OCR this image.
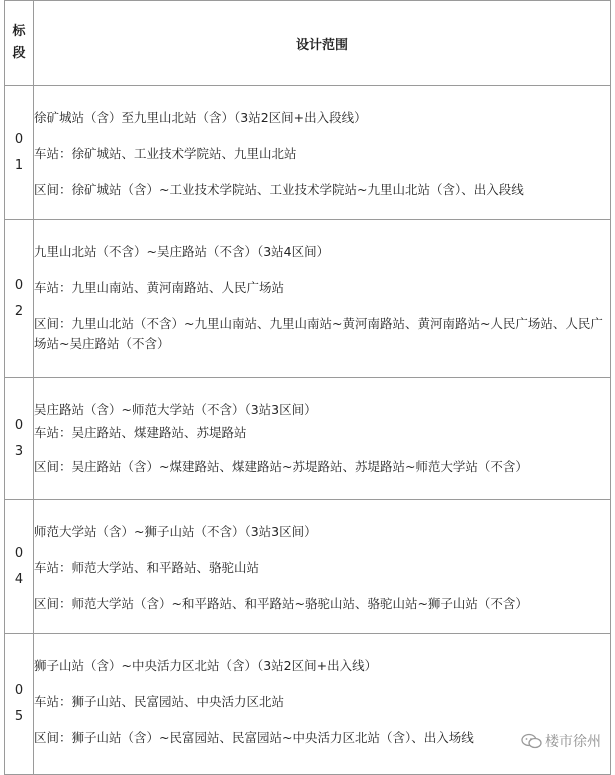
标
段	设计范围

0
1	徐矿城站（含）至九里山北站（含）（3站2区间+出入段线）
车站：徐矿城站、工业技术学院站、九里山北站
区间：徐矿城站（含）~工业技术学院站、工业技术学院站~九里山北站（含）、出入段线

0
2	九里山北站（不含）~吴庄路站（不含）（3站4区间）
车站：九里山南站、黄河南路站、人民广场站
区间：九里山北站（不含）~九里山南站、九里山南站~黄河南路站、黄河南路站~人民广场站、人民广场站~吴庄路站（不含）

0
3	吴庄路站（含）~师范大学站（不含）（3站3区间）
车站：吴庄路站、煤建路站、苏堤路站
区间：吴庄路站（含）~煤建路站、煤建路站~苏堤路站、苏堤路站~师范大学站（不含）

0
4	师范大学站（含）~狮子山站（不含）（3站3区间）
车站：师范大学站、和平路站、骆驼山站
区间：师范大学站（含）~和平路站、和平路站~骆驼山站、骆驼山站~狮子山站（不含）

0
5	狮子山站（含）~中央活力区北站（含）（3站2区间+出入线）
车站：狮子山站、民富园站、中央活力区北站
区间：狮子山站（含）~民富园站、民富园站~中央活力区北站（含）、出入场线	楼市徐州
